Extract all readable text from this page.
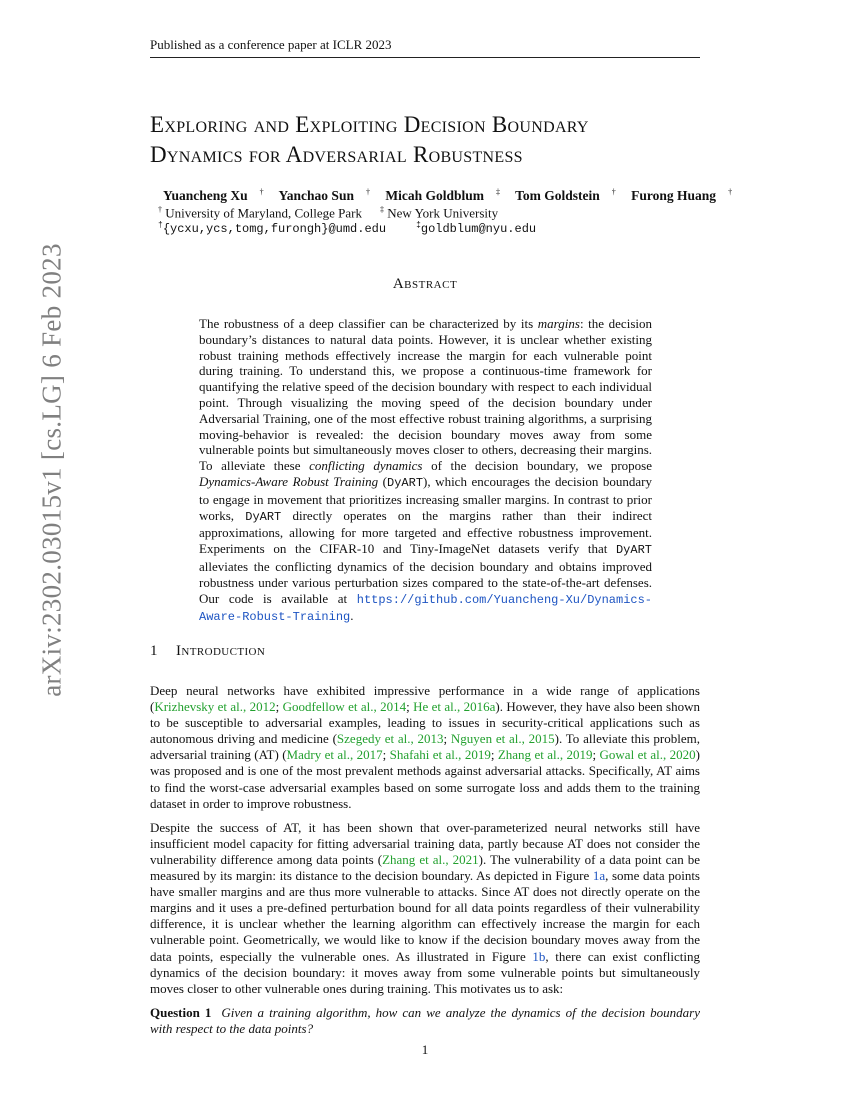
Published as a conference paper at ICLR 2023
arXiv:2302.03015v1 [cs.LG] 6 Feb 2023
Exploring and Exploiting Decision Boundary
Dynamics for Adversarial Robustness
Yuancheng Xu † Yanchao Sun † Micah Goldblum ‡ Tom Goldstein † Furong Huang †
† University of Maryland, College Park ‡ New York University
†{ycxu,ycs,tomg,furongh}@umd.edu	‡goldblum@nyu.edu
Abstract

The robustness of a deep classifier can be characterized by its margins: the decision boundary’s distances to natural data points. However, it is unclear whether existing robust training methods effectively increase the margin for each vulnerable point during training. To understand this, we propose a continuous-time framework for quantifying the relative speed of the decision boundary with respect to each individual point. Through visualizing the moving speed of the decision boundary under Adversarial Training, one of the most effective robust training algorithms, a surprising moving-behavior is revealed: the decision boundary moves away from some vulnerable points but simultaneously moves closer to others, decreasing their margins. To alleviate these conflicting dynamics of the decision boundary, we propose Dynamics-Aware Robust Training (DyART), which encourages the decision boundary to engage in movement that prioritizes increasing smaller margins. In contrast to prior works, DyART directly operates on the margins rather than their indirect approximations, allowing for more targeted and effective robustness improvement. Experiments on the CIFAR-10 and Tiny-ImageNet datasets verify that DyART alleviates the conflicting dynamics of the decision boundary and obtains improved robustness under various perturbation sizes compared to the state-of-the-art defenses. Our code is available at https://github.com/Yuancheng-Xu/Dynamics-Aware-Robust-Training.

1 Introduction

Deep neural networks have exhibited impressive performance in a wide range of applications (Krizhevsky et al., 2012; Goodfellow et al., 2014; He et al., 2016a). However, they have also been shown to be susceptible to adversarial examples, leading to issues in security-critical applications such as autonomous driving and medicine (Szegedy et al., 2013; Nguyen et al., 2015). To alleviate this problem, adversarial training (AT) (Madry et al., 2017; Shafahi et al., 2019; Zhang et al., 2019; Gowal et al., 2020) was proposed and is one of the most prevalent methods against adversarial attacks. Specifically, AT aims to find the worst-case adversarial examples based on some surrogate loss and adds them to the training dataset in order to improve robustness.

Despite the success of AT, it has been shown that over-parameterized neural networks still have insufficient model capacity for fitting adversarial training data, partly because AT does not consider the vulnerability difference among data points (Zhang et al., 2021). The vulnerability of a data point can be measured by its margin: its distance to the decision boundary. As depicted in Figure 1a, some data points have smaller margins and are thus more vulnerable to attacks. Since AT does not directly operate on the margins and it uses a pre-defined perturbation bound for all data points regardless of their vulnerability difference, it is unclear whether the learning algorithm can effectively increase the margin for each vulnerable point. Geometrically, we would like to know if the decision boundary moves away from the data points, especially the vulnerable ones. As illustrated in Figure 1b, there can exist conflicting dynamics of the decision boundary: it moves away from some vulnerable points but simultaneously moves closer to other vulnerable ones during training. This motivates us to ask:

Question 1 Given a training algorithm, how can we analyze the dynamics of the decision boundary with respect to the data points?

1
